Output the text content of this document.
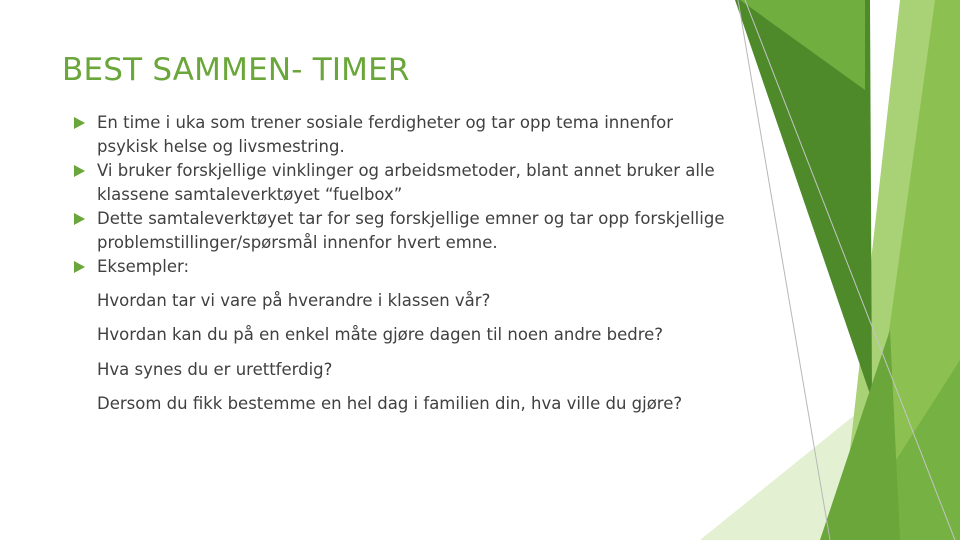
BEST SAMMEN- TIMER
En time i uka som trener sosiale ferdigheter og tar opp tema innenfor psykisk helse og livsmestring.
Vi bruker forskjellige vinklinger og arbeidsmetoder, blant annet bruker alle klassene samtaleverktøyet “fuelbox”
Dette samtaleverktøyet tar for seg forskjellige emner og tar opp forskjellige problemstillinger/spørsmål innenfor hvert emne.
Eksempler:

Hvordan tar vi vare på hverandre i klassen vår?

Hvordan kan du på en enkel måte gjøre dagen til noen andre bedre?

Hva synes du er urettferdig?

Dersom du fikk bestemme en hel dag i familien din, hva ville du gjøre?
